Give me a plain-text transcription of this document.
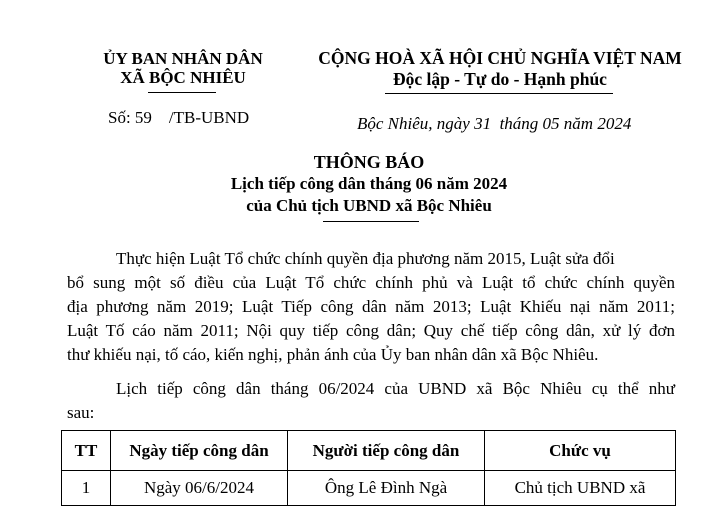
ỦY BAN NHÂN DÂN
XÃ BỘC NHIÊU
Số: 59    /TB-UBND
CỘNG HOÀ XÃ HỘI CHỦ NGHĨA VIỆT NAM
Độc lập - Tự do - Hạnh phúc
Bộc Nhiêu, ngày 31  tháng 05 năm 2024
THÔNG BÁO
Lịch tiếp công dân tháng 06 năm 2024
của Chủ tịch UBND xã Bộc Nhiêu
Thực hiện Luật Tổ chức chính quyền địa phương năm 2015, Luật sửa đổi
bổ sung một số điều của Luật Tổ chức chính phủ và Luật tổ chức chính quyền
địa phương năm 2019; Luật Tiếp công dân năm 2013; Luật Khiếu nại năm 2011;
Luật Tố cáo năm 2011; Nội quy tiếp công dân; Quy chế tiếp công dân, xử lý đơn
thư khiếu nại, tố cáo, kiến nghị, phản ánh của Ủy ban nhân dân xã Bộc Nhiêu.
Lịch tiếp công dân tháng 06/2024 của UBND xã Bộc Nhiêu cụ thể như
sau:
TT	Ngày tiếp công dân	Người tiếp công dân	Chức vụ
1	Ngày 06/6/2024	Ông Lê Đình Ngà	Chủ tịch UBND xã
